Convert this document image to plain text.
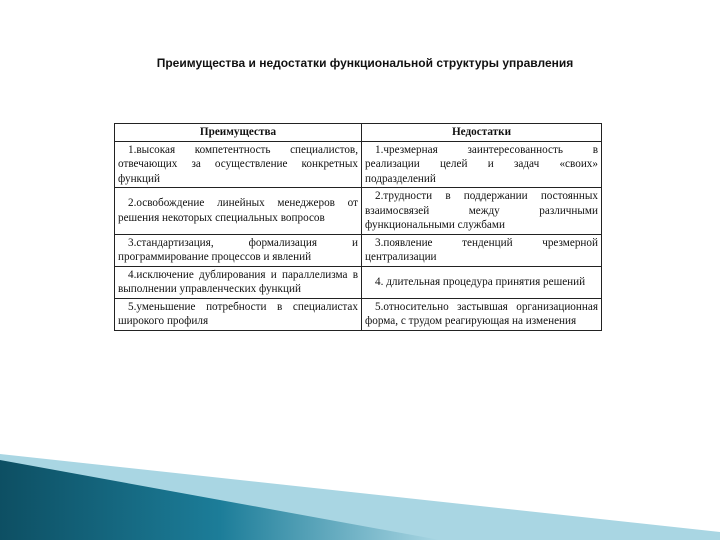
Преимущества и недостатки функциональной структуры управления
Преимущества	Недостатки
1.высокая компетентность специалистов, отвечающих за осуществление конкретных функций	1.чрезмерная заинтересованность в реализации целей и задач «своих» подразделений
2.освобождение линейных менеджеров от решения некоторых специальных вопросов	2.трудности в поддержании постоянных взаимосвязей между различными функциональными службами
3.стандартизация, формализация и программирование процессов и явлений	3.появление тенденций чрезмерной централизации
4.исключение дублирования и параллелизма в выполнении управленческих функций	4. длительная процедура принятия решений
5.уменьшение потребности в специалистах широкого профиля	5.относительно застывшая организационная форма, с трудом реагирующая на изменения
